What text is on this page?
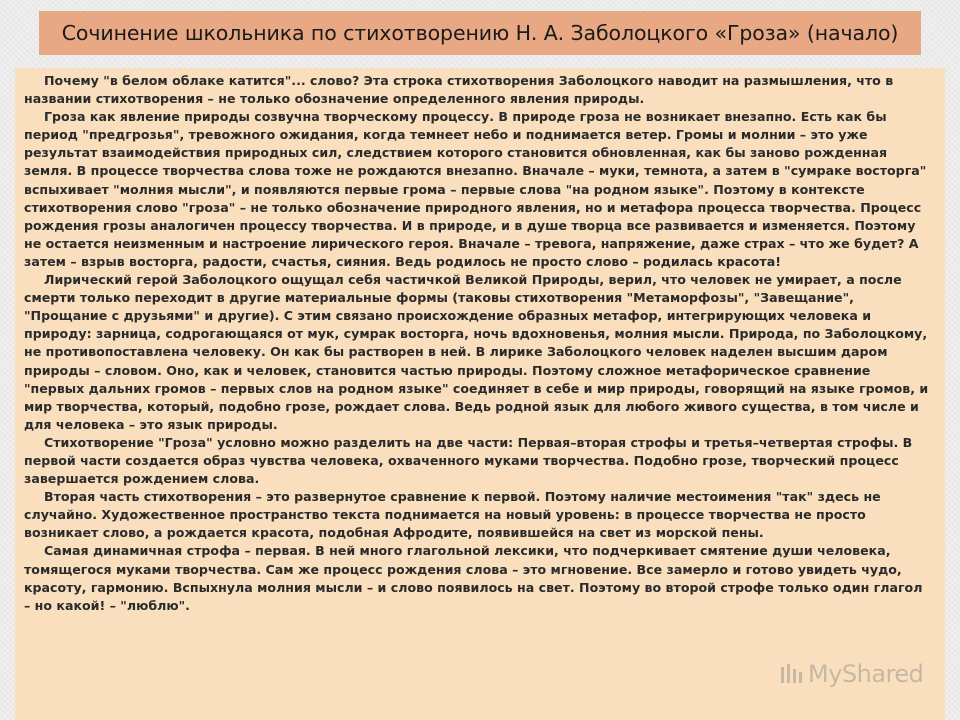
Сочинение школьника по стихотворению Н. А. Заболоцкого «Гроза» (начало)

Почему "в белом облаке катится"... слово? Эта строка стихотворения Заболоцкого наводит на размышления, что в названии стихотворения – не только обозначение определенного явления природы.

Гроза как явление природы созвучна творческому процессу. В природе гроза не возникает внезапно. Есть как бы период "предгрозья", тревожного ожидания, когда темнеет небо и поднимается ветер. Громы и молнии – это уже результат взаимодействия природных сил, следствием которого становится обновленная, как бы заново рожденная земля. В процессе творчества слова тоже не рождаются внезапно. Вначале – муки, темнота, а затем в "сумраке восторга" вспыхивает "молния мысли", и появляются первые грома – первые слова "на родном языке". Поэтому в контексте стихотворения слово "гроза" – не только обозначение природного явления, но и метафора процесса творчества. Процесс рождения грозы аналогичен процессу творчества. И в природе, и в душе творца все развивается и изменяется. Поэтому не остается неизменным и настроение лирического героя. Вначале – тревога, напряжение, даже страх – что же будет? А затем – взрыв восторга, радости, счастья, сияния. Ведь родилось не просто слово – родилась красота!

Лирический герой Заболоцкого ощущал себя частичкой Великой Природы, верил, что человек не умирает, а после смерти только переходит в другие материальные формы (таковы стихотворения "Метаморфозы", "Завещание", "Прощание с друзьями" и другие). С этим связано происхождение образных метафор, интегрирующих человека и природу: зарница, содрогающаяся от мук, сумрак восторга, ночь вдохновенья, молния мысли. Природа, по Заболоцкому, не противопоставлена человеку. Он как бы растворен в ней. В лирике Заболоцкого человек наделен высшим даром природы – словом. Оно, как и человек, становится частью природы. Поэтому сложное метафорическое сравнение "первых дальних громов – первых слов на родном языке" соединяет в себе и мир природы, говорящий на языке громов, и мир творчества, который, подобно грозе, рождает слова. Ведь родной язык для любого живого существа, в том числе и для человека – это язык природы.

Стихотворение "Гроза" условно можно разделить на две части: Первая–вторая строфы и третья–четвертая строфы. В первой части создается образ чувства человека, охваченного муками творчества. Подобно грозе, творческий процесс завершается рождением слова.

Вторая часть стихотворения – это развернутое сравнение к первой. Поэтому наличие местоимения "так" здесь не случайно. Художественное пространство текста поднимается на новый уровень: в процессе творчества не просто возникает слово, а рождается красота, подобная Афродите, появившейся на свет из морской пены.

Самая динамичная строфа – первая. В ней много глагольной лексики, что подчеркивает смятение души человека, томящегося муками творчества. Сам же процесс рождения слова – это мгновение. Все замерло и готово увидеть чудо, красоту, гармонию. Вспыхнула молния мысли – и слово появилось на свет. Поэтому во второй строфе только один глагол – но какой! – "люблю".

MyShared
